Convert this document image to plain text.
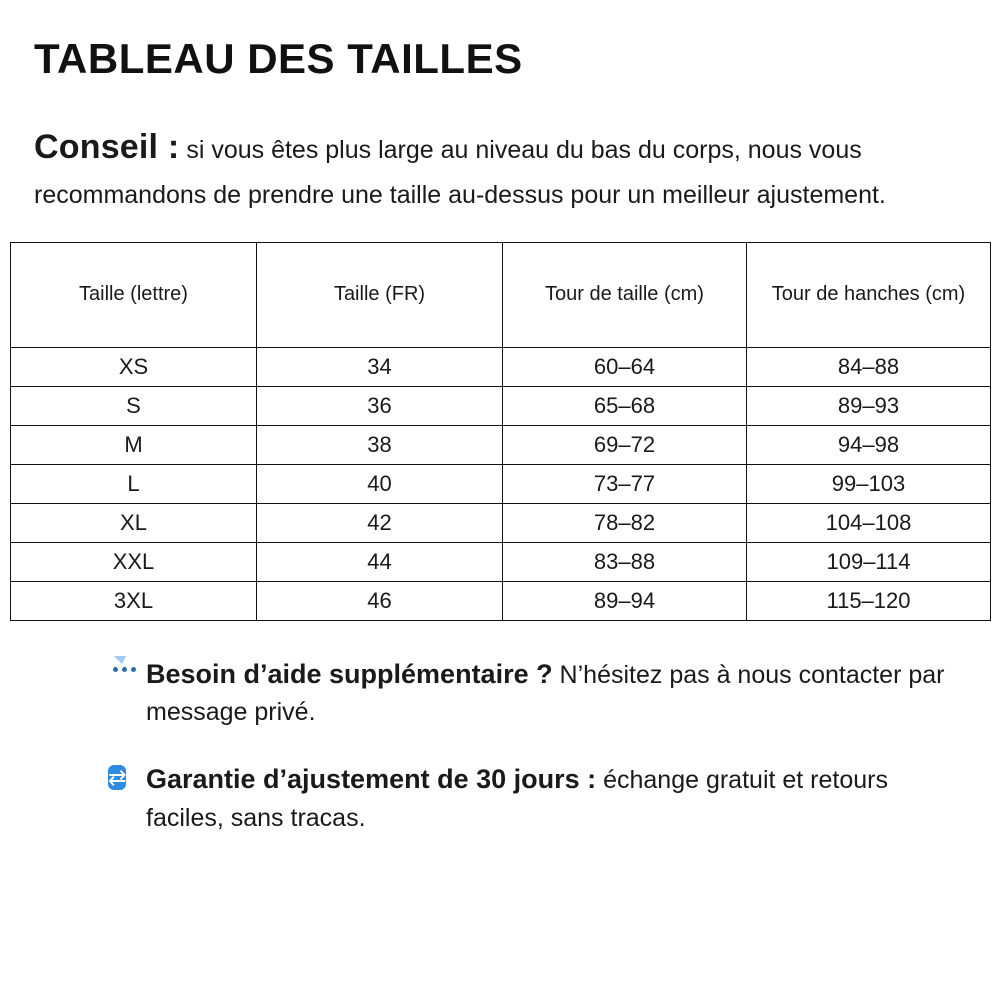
TABLEAU DES TAILLES

Conseil : si vous êtes plus large au niveau du bas du corps, nous vous recommandons de prendre une taille au-dessus pour un meilleur ajustement.

Taille (lettre)	Taille (FR)	Tour de taille (cm)	Tour de hanches (cm)
XS	34	60–64	84–88
S	36	65–68	89–93
M	38	69–72	94–98
L	40	73–77	99–103
XL	42	78–82	104–108
XXL	44	83–88	109–114
3XL	46	89–94	115–120
Besoin d’aide supplémentaire ? N’hésitez pas à nous contacter par message privé.
⇄ Garantie d’ajustement de 30 jours : échange gratuit et retours faciles, sans tracas.
